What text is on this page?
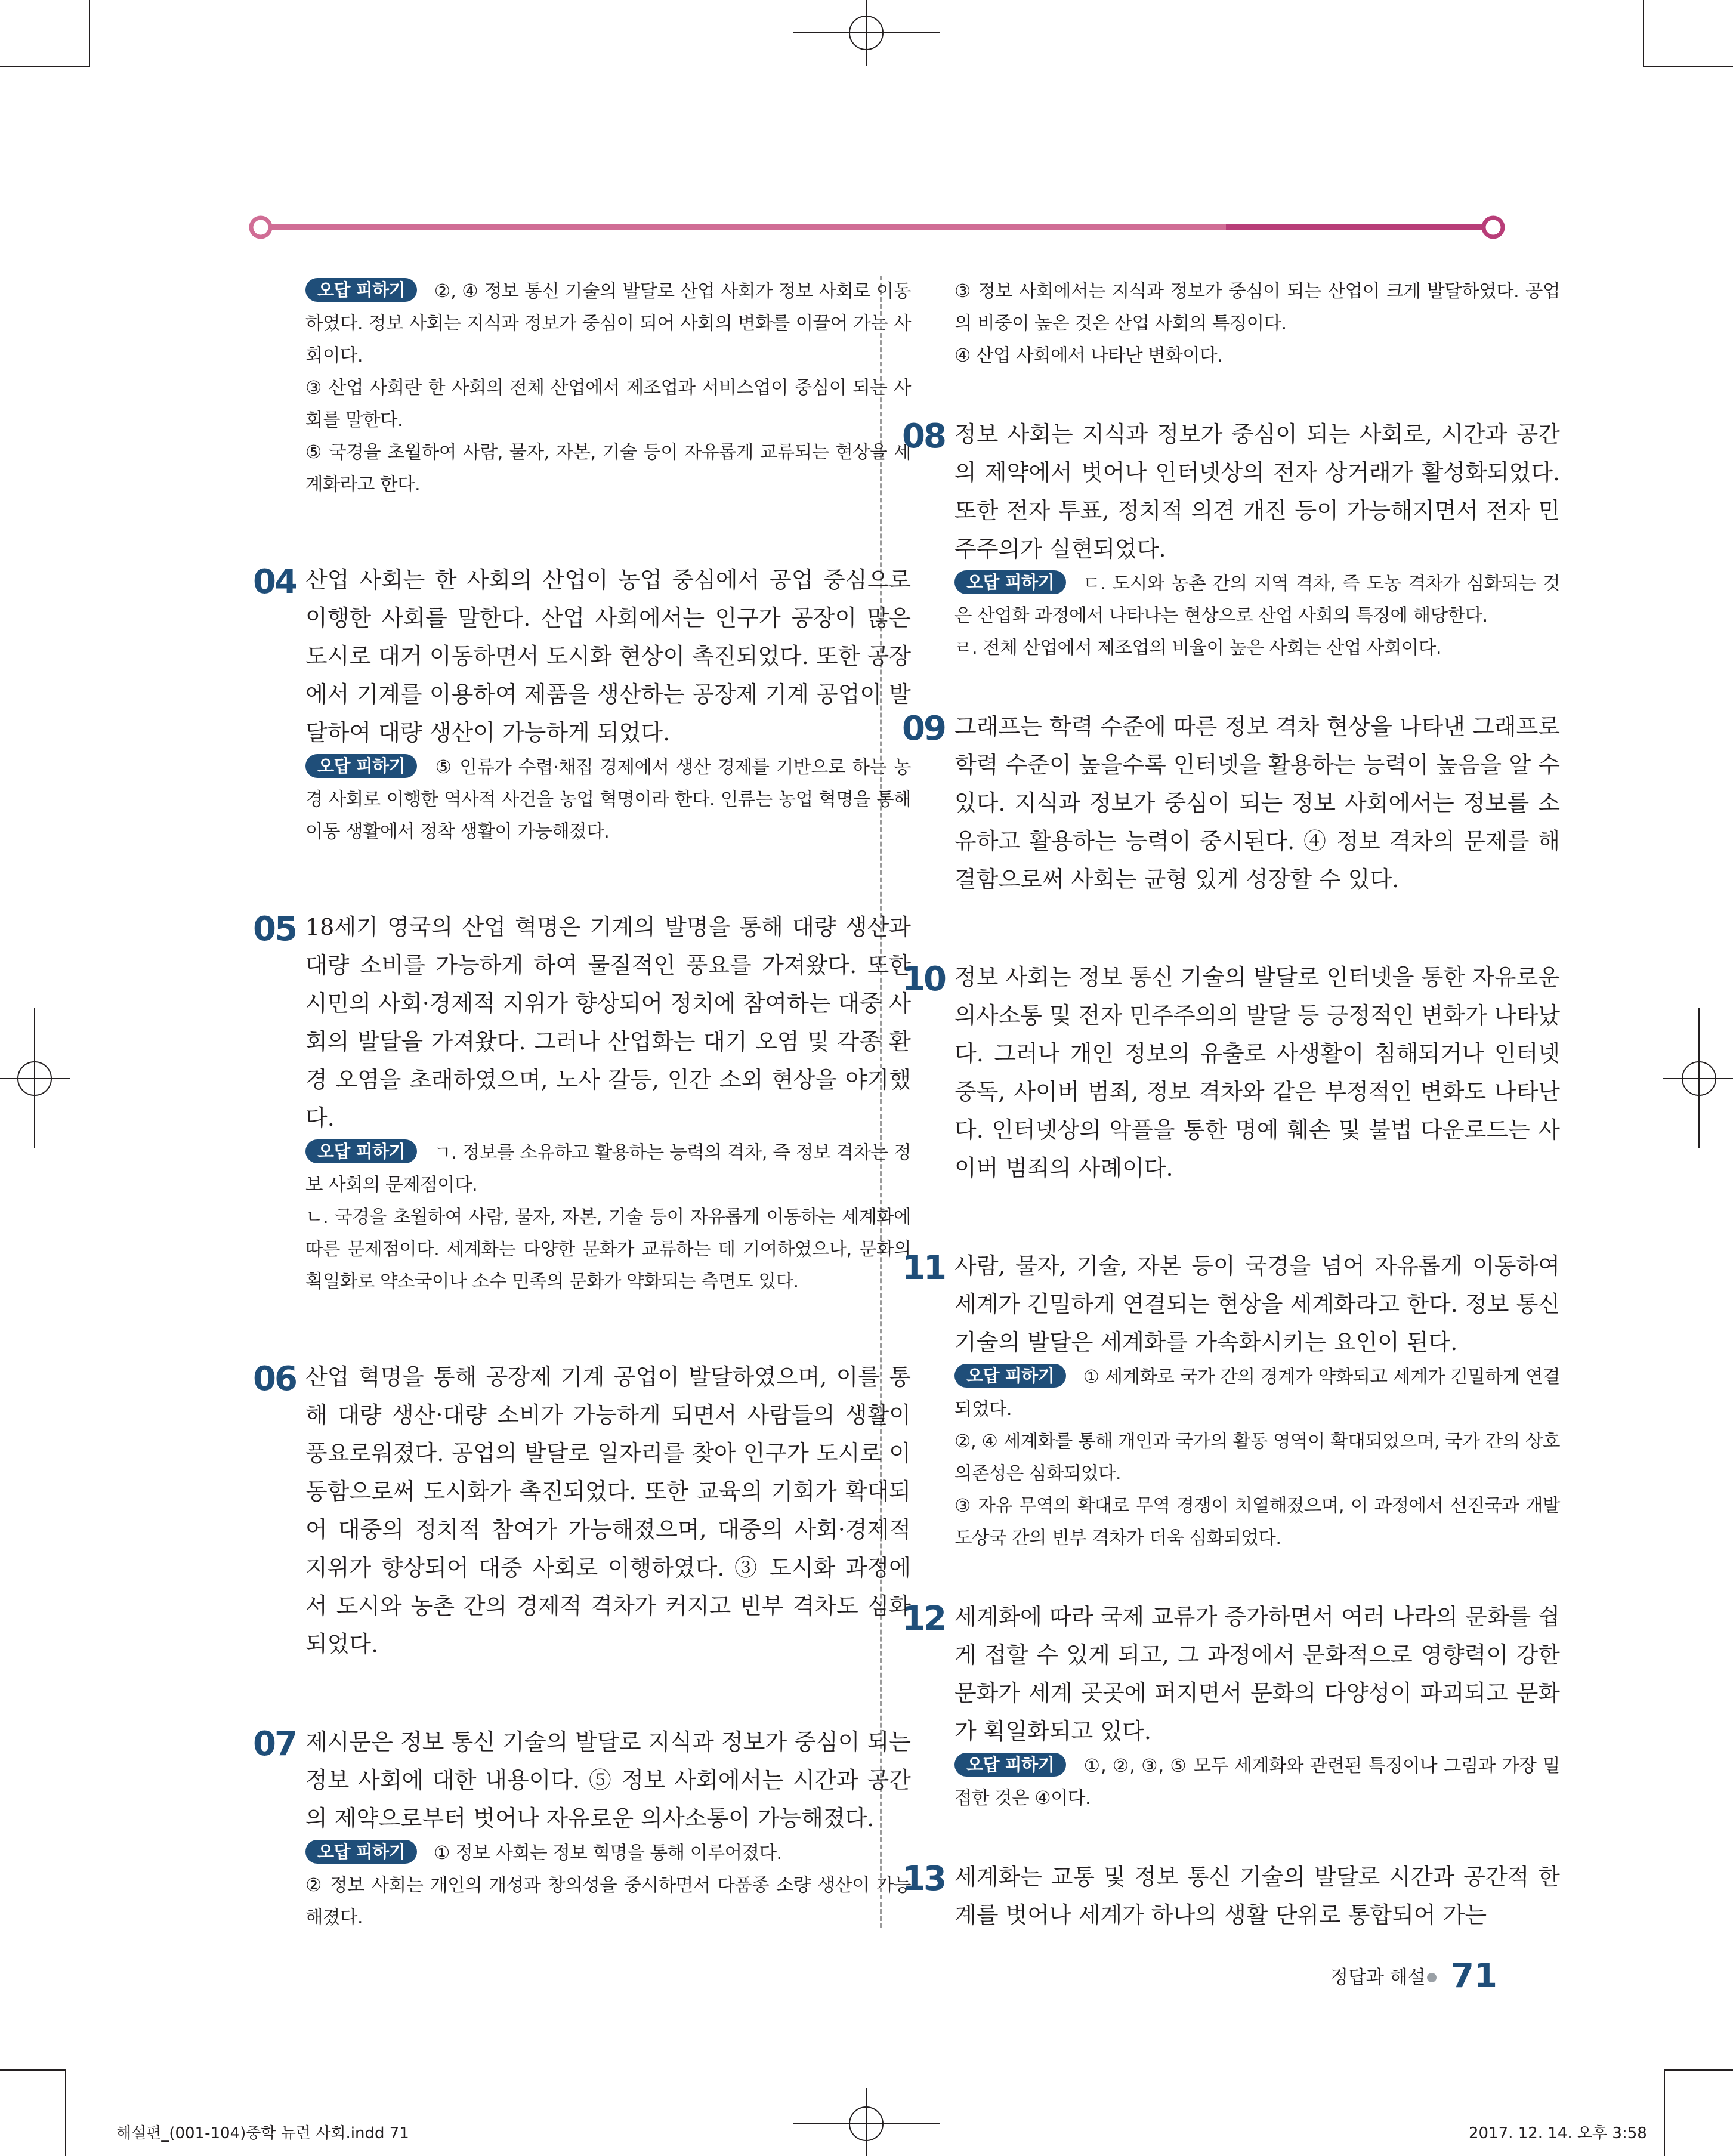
오답 피하기 ②, ④ 정보 통신 기술의 발달로 산업 사회가 정보 사회로 이동하였다. 정보 사회는 지식과 정보가 중심이 되어 사회의 변화를 이끌어 가는 사회이다.

③ 산업 사회란 한 사회의 전체 산업에서 제조업과 서비스업이 중심이 되는 사회를 말한다.

⑤ 국경을 초월하여 사람, 물자, 자본, 기술 등이 자유롭게 교류되는 현상을 세계화라고 한다.

04 산업 사회는 한 사회의 산업이 농업 중심에서 공업 중심으로 이행한 사회를 말한다. 산업 사회에서는 인구가 공장이 많은 도시로 대거 이동하면서 도시화 현상이 촉진되었다. 또한 공장에서 기계를 이용하여 제품을 생산하는 공장제 기계 공업이 발달하여 대량 생산이 가능하게 되었다.

오답 피하기 ⑤ 인류가 수렵·채집 경제에서 생산 경제를 기반으로 하는 농경 사회로 이행한 역사적 사건을 농업 혁명이라 한다. 인류는 농업 혁명을 통해 이동 생활에서 정착 생활이 가능해졌다.

05 18세기 영국의 산업 혁명은 기계의 발명을 통해 대량 생산과 대량 소비를 가능하게 하여 물질적인 풍요를 가져왔다. 또한 시민의 사회·경제적 지위가 향상되어 정치에 참여하는 대중 사회의 발달을 가져왔다. 그러나 산업화는 대기 오염 및 각종 환경 오염을 초래하였으며, 노사 갈등, 인간 소외 현상을 야기했다.

오답 피하기 ㄱ. 정보를 소유하고 활용하는 능력의 격차, 즉 정보 격차는 정보 사회의 문제점이다.

ㄴ. 국경을 초월하여 사람, 물자, 자본, 기술 등이 자유롭게 이동하는 세계화에 따른 문제점이다. 세계화는 다양한 문화가 교류하는 데 기여하였으나, 문화의 획일화로 약소국이나 소수 민족의 문화가 약화되는 측면도 있다.

06 산업 혁명을 통해 공장제 기계 공업이 발달하였으며, 이를 통해 대량 생산·대량 소비가 가능하게 되면서 사람들의 생활이 풍요로워졌다. 공업의 발달로 일자리를 찾아 인구가 도시로 이동함으로써 도시화가 촉진되었다. 또한 교육의 기회가 확대되어 대중의 정치적 참여가 가능해졌으며, 대중의 사회·경제적 지위가 향상되어 대중 사회로 이행하였다. ③ 도시화 과정에서 도시와 농촌 간의 경제적 격차가 커지고 빈부 격차도 심화되었다.

07 제시문은 정보 통신 기술의 발달로 지식과 정보가 중심이 되는 정보 사회에 대한 내용이다. ⑤ 정보 사회에서는 시간과 공간의 제약으로부터 벗어나 자유로운 의사소통이 가능해졌다.

오답 피하기 ① 정보 사회는 정보 혁명을 통해 이루어졌다.

② 정보 사회는 개인의 개성과 창의성을 중시하면서 다품종 소량 생산이 가능해졌다.

③ 정보 사회에서는 지식과 정보가 중심이 되는 산업이 크게 발달하였다. 공업의 비중이 높은 것은 산업 사회의 특징이다.

④ 산업 사회에서 나타난 변화이다.

08 정보 사회는 지식과 정보가 중심이 되는 사회로, 시간과 공간의 제약에서 벗어나 인터넷상의 전자 상거래가 활성화되었다. 또한 전자 투표, 정치적 의견 개진 등이 가능해지면서 전자 민주주의가 실현되었다.

오답 피하기 ㄷ. 도시와 농촌 간의 지역 격차, 즉 도농 격차가 심화되는 것은 산업화 과정에서 나타나는 현상으로 산업 사회의 특징에 해당한다.

ㄹ. 전체 산업에서 제조업의 비율이 높은 사회는 산업 사회이다.

09 그래프는 학력 수준에 따른 정보 격차 현상을 나타낸 그래프로 학력 수준이 높을수록 인터넷을 활용하는 능력이 높음을 알 수 있다. 지식과 정보가 중심이 되는 정보 사회에서는 정보를 소유하고 활용하는 능력이 중시된다. ④ 정보 격차의 문제를 해결함으로써 사회는 균형 있게 성장할 수 있다.

10 정보 사회는 정보 통신 기술의 발달로 인터넷을 통한 자유로운 의사소통 및 전자 민주주의의 발달 등 긍정적인 변화가 나타났다. 그러나 개인 정보의 유출로 사생활이 침해되거나 인터넷 중독, 사이버 범죄, 정보 격차와 같은 부정적인 변화도 나타난다. 인터넷상의 악플을 통한 명예 훼손 및 불법 다운로드는 사이버 범죄의 사례이다.

11 사람, 물자, 기술, 자본 등이 국경을 넘어 자유롭게 이동하여 세계가 긴밀하게 연결되는 현상을 세계화라고 한다. 정보 통신 기술의 발달은 세계화를 가속화시키는 요인이 된다.

오답 피하기 ① 세계화로 국가 간의 경계가 약화되고 세계가 긴밀하게 연결되었다.

②, ④ 세계화를 통해 개인과 국가의 활동 영역이 확대되었으며, 국가 간의 상호 의존성은 심화되었다.

③ 자유 무역의 확대로 무역 경쟁이 치열해졌으며, 이 과정에서 선진국과 개발 도상국 간의 빈부 격차가 더욱 심화되었다.

12 세계화에 따라 국제 교류가 증가하면서 여러 나라의 문화를 쉽게 접할 수 있게 되고, 그 과정에서 문화적으로 영향력이 강한 문화가 세계 곳곳에 퍼지면서 문화의 다양성이 파괴되고 문화가 획일화되고 있다.

오답 피하기 ①, ②, ③, ⑤ 모두 세계화와 관련된 특징이나 그림과 가장 밀접한 것은 ④이다.

13 세계화는 교통 및 정보 통신 기술의 발달로 시간과 공간적 한계를 벗어나 세계가 하나의 생활 단위로 통합되어 가는

정답과 해설 71
해설편_(001-104)중학 뉴런 사회.indd 71	2017. 12. 14. 오후 3:58
